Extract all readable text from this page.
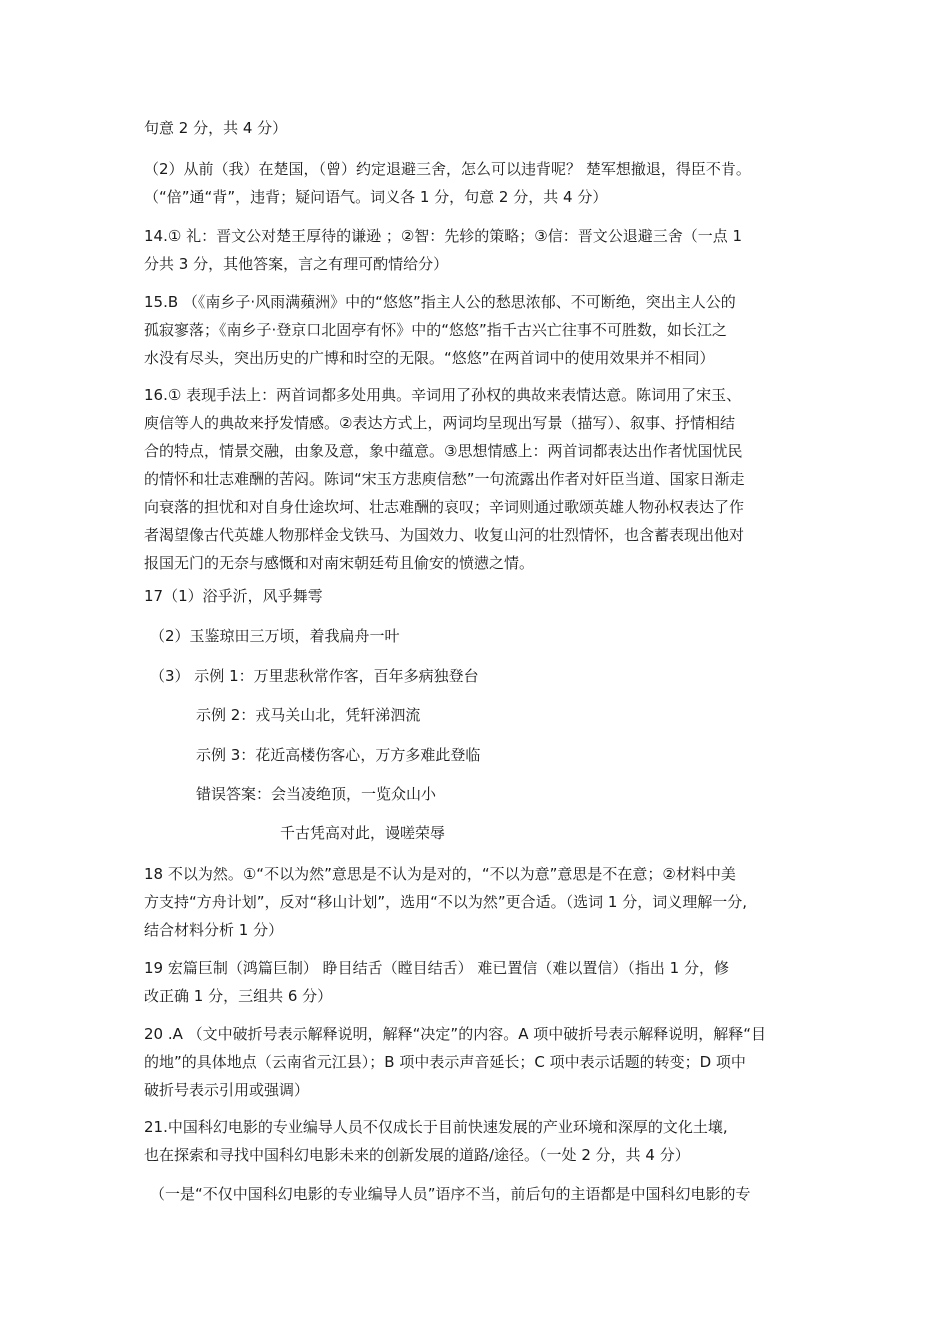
句意 2 分，共 4 分）
（2）从前（我）在楚国，（曾）约定退避三舍，怎么可以违背呢？ 楚军想撤退，得臣不肯。
（“倍”通“背”，违背；疑问语气。词义各 1 分，句意 2 分，共 4 分）
14.① 礼：晋文公对楚王厚待的谦逊 ；②智：先轸的策略；③信：晋文公退避三舍（一点 1
分共 3 分，其他答案，言之有理可酌情给分）
15.B （《南乡子·风雨满蘋洲》中的“悠悠”指主人公的愁思浓郁、不可断绝，突出主人公的
孤寂寥落；《南乡子·登京口北固亭有怀》中的“悠悠”指千古兴亡往事不可胜数，如长江之
水没有尽头，突出历史的广博和时空的无限。“悠悠”在两首词中的使用效果并不相同）
16.① 表现手法上：两首词都多处用典。辛词用了孙权的典故来表情达意。陈词用了宋玉、
庾信等人的典故来抒发情感。②表达方式上，两词均呈现出写景（描写）、叙事、抒情相结
合的特点，情景交融，由象及意，象中蕴意。③思想情感上：两首词都表达出作者忧国忧民
的情怀和壮志难酬的苦闷。陈词“宋玉方悲庾信愁”一句流露出作者对奸臣当道、国家日渐走
向衰落的担忧和对自身仕途坎坷、壮志难酬的哀叹；辛词则通过歌颂英雄人物孙权表达了作
者渴望像古代英雄人物那样金戈铁马、为国效力、收复山河的壮烈情怀，也含蓄表现出他对
报国无门的无奈与感慨和对南宋朝廷苟且偷安的愤懑之情。
17（1）浴乎沂，风乎舞雩
（2）玉鉴琼田三万顷，着我扁舟一叶
（3） 示例 1：万里悲秋常作客，百年多病独登台
示例 2：戎马关山北，凭轩涕泗流
示例 3：花近高楼伤客心，万方多难此登临
错误答案：会当凌绝顶，一览众山小
千古凭高对此，谩嗟荣辱
18 不以为然。①“不以为然”意思是不认为是对的，“不以为意”意思是不在意；②材料中美
方支持“方舟计划”，反对“移山计划”，选用“不以为然”更合适。（选词 1 分，词义理解一分,
结合材料分析 1 分）
19 宏篇巨制（鸿篇巨制） 睁目结舌（瞠目结舌） 难已置信（难以置信）（指出 1 分，修
改正确 1 分，三组共 6 分）
20 .A （文中破折号表示解释说明，解释“决定”的内容。A 项中破折号表示解释说明，解释“目
的地”的具体地点（云南省元江县）；B 项中表示声音延长；C 项中表示话题的转变；D 项中
破折号表示引用或强调）
21.中国科幻电影的专业编导人员不仅成长于目前快速发展的产业环境和深厚的文化土壤,
也在探索和寻找中国科幻电影未来的创新发展的道路/途径。（一处 2 分，共 4 分）
（一是“不仅中国科幻电影的专业编导人员”语序不当，前后句的主语都是中国科幻电影的专
